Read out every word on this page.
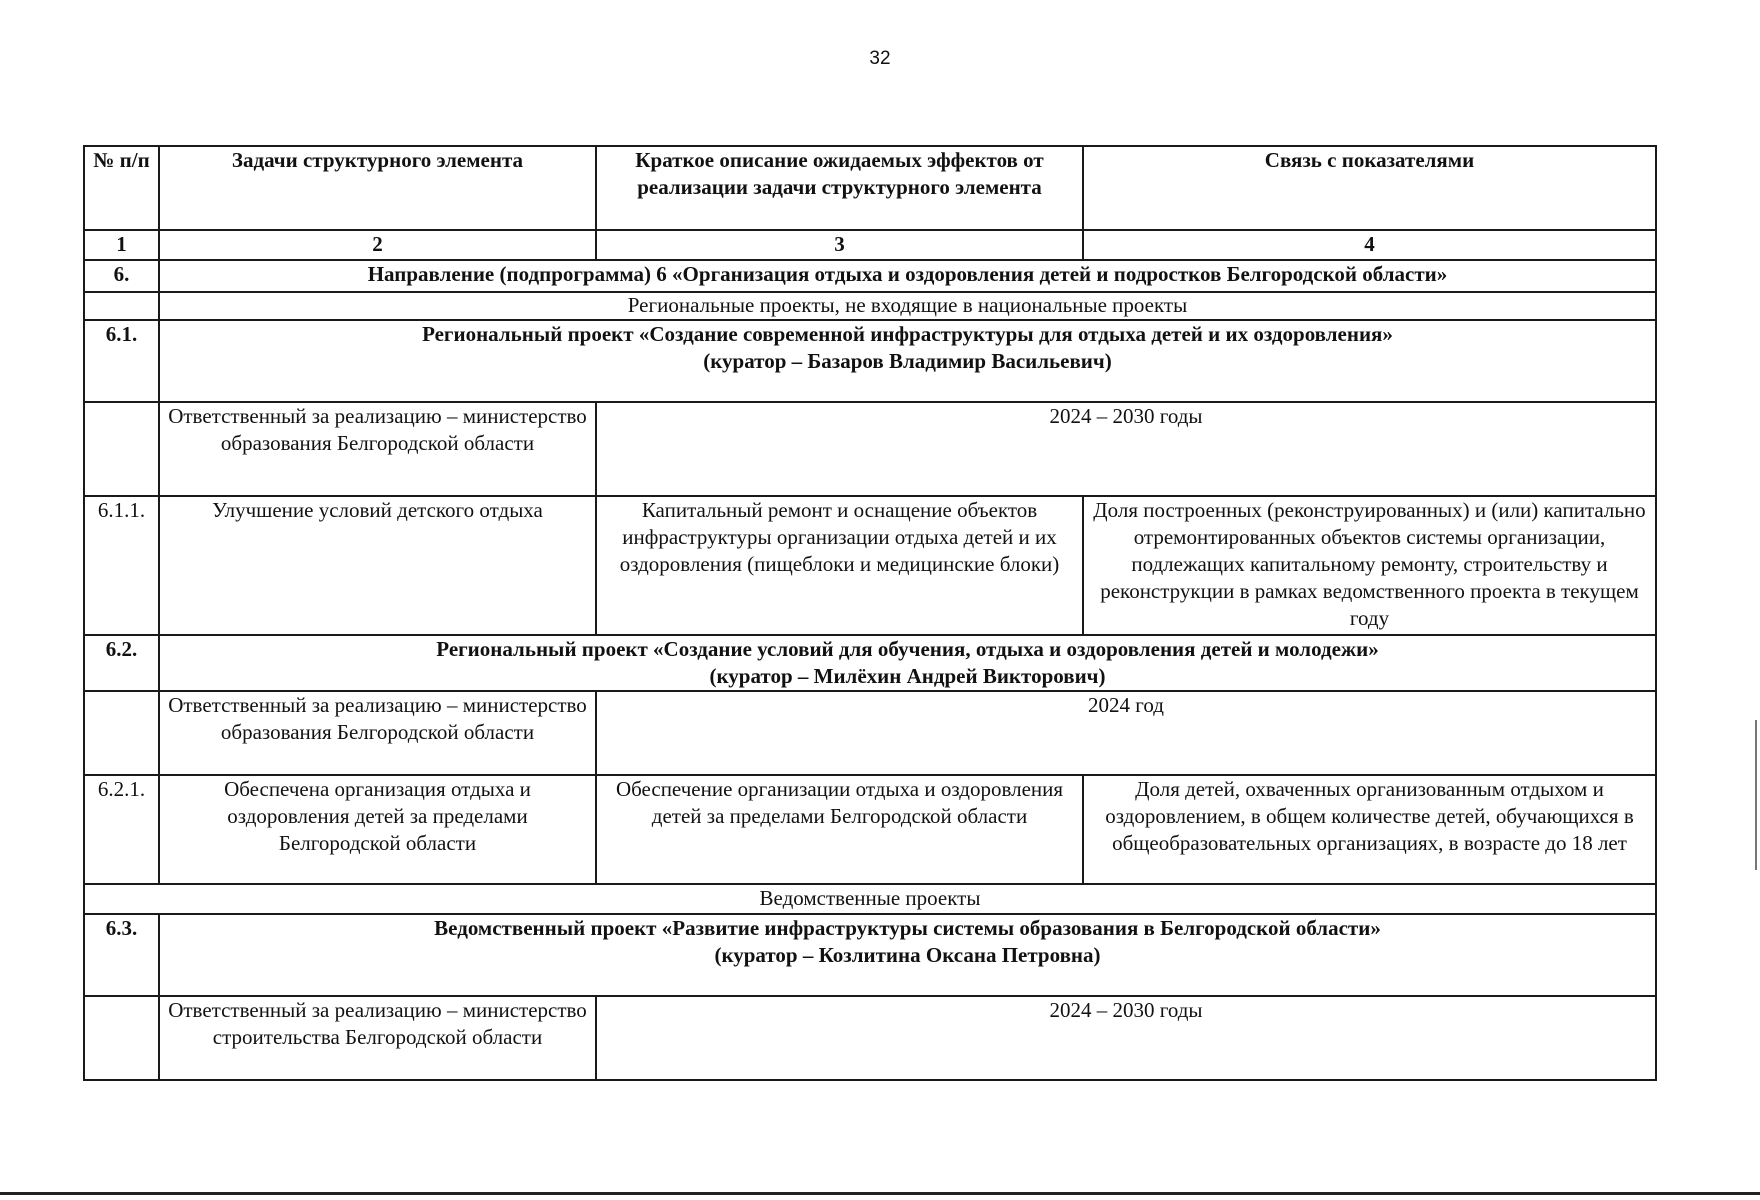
32
№ п/п	Задачи структурного элемента	Краткое описание ожидаемых эффектов от реализации задачи структурного элемента	Связь с показателями
1	2	3	4
6.	Направление (подпрограмма) 6 «Организация отдыха и оздоровления детей и подростков Белгородской области»		
	Региональные проекты, не входящие в национальные проекты		
6.1.	Региональный проект «Создание современной инфраструктуры для отдыха детей и их оздоровления»
(куратор – Базаров Владимир Васильевич)		

	Ответственный за реализацию – министерство образования Белгородской области	2024 – 2030 годы	
6.1.1.	Улучшение условий детского отдыха	Капитальный ремонт и оснащение объектов инфраструктуры организации отдыха детей и их оздоровления (пищеблоки и медицинские блоки)	Доля построенных (реконструированных) и (или) капитально отремонтированных объектов системы организации, подлежащих капитальному ремонту, строительству и реконструкции в рамках ведомственного проекта в текущем году
6.2.	Региональный проект «Создание условий для обучения, отдыха и оздоровления детей и молодежи»
(куратор – Милёхин Андрей Викторович)		

	Ответственный за реализацию – министерство образования Белгородской области	2024 год	
6.2.1.	Обеспечена организация отдыха и оздоровления детей за пределами Белгородской области	Обеспечение организации отдыха и оздоровления детей за пределами Белгородской области	Доля детей, охваченных организованным отдыхом и оздоровлением, в общем количестве детей, обучающихся в общеобразовательных организациях, в возрасте до 18 лет
Ведомственные проекты			
6.3.	Ведомственный проект «Развитие инфраструктуры системы образования в Белгородской области»
(куратор – Козлитина Оксана Петровна)		

	Ответственный за реализацию – министерство строительства Белгородской области	2024 – 2030 годы	
